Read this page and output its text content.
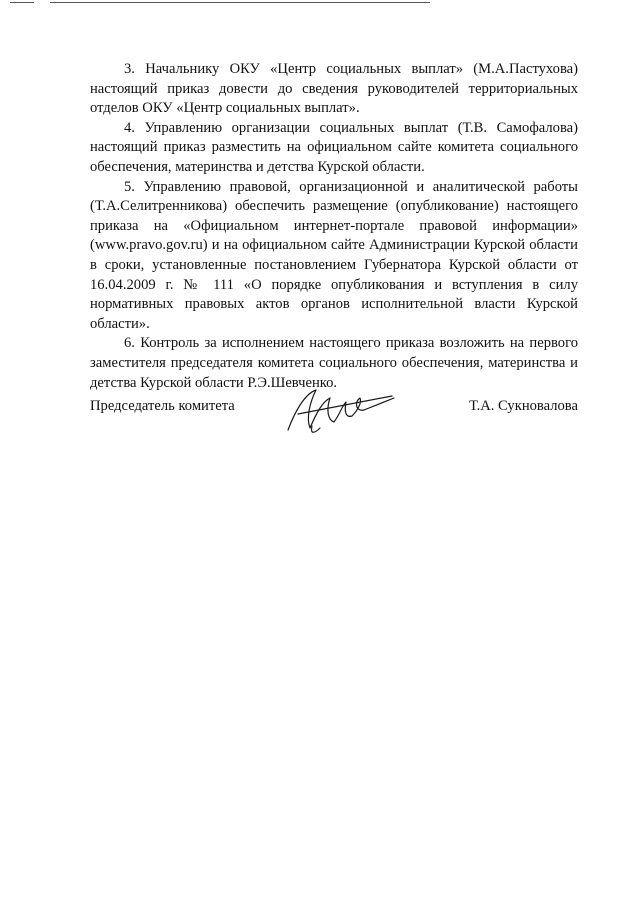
3. Начальнику ОКУ «Центр социальных выплат» (М.А.Пастухова) настоящий приказ довести до сведения руководителей территориальных отделов ОКУ «Центр социальных выплат».

4. Управлению организации социальных выплат (Т.В. Самофалова) настоящий приказ разместить на официальном сайте комитета социального обеспечения, материнства и детства Курской области.

5. Управлению правовой, организационной и аналитической работы (Т.А.Селитренникова) обеспечить размещение (опубликование) настоящего приказа на «Официальном интернет-портале правовой информации» (www.pravo.gov.ru) и на официальном сайте Администрации Курской области в сроки, установленные постановлением Губернатора Курской области от 16.04.2009 г. № 111 «О порядке опубликования и вступления в силу нормативных правовых актов органов исполнительной власти Курской области».

6. Контроль за исполнением настоящего приказа возложить на первого заместителя председателя комитета социального обеспечения, материнства и детства Курской области Р.Э.Шевченко.

Председатель комитета	Т.А. Сукновалова
